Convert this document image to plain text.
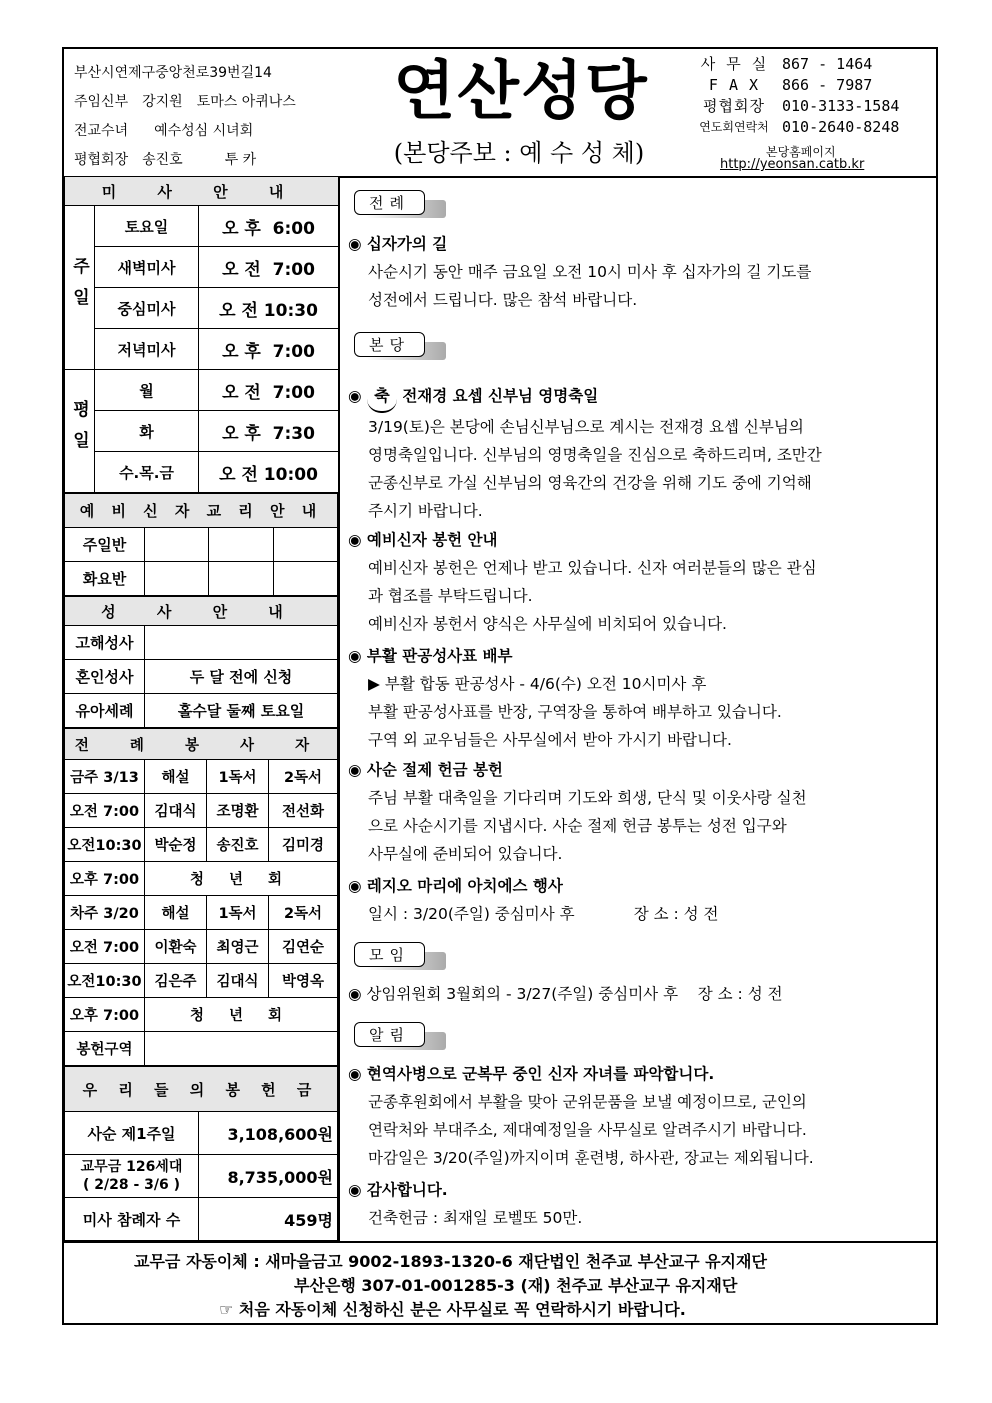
부산시연제구중앙천로39번길14
주임신부 강지원 토마스 아퀴나스
전교수녀 예수성심 시녀회
평협회장 송진호	투 카
연산성당
(본당주보 : 예 수 성 체)
사 무 실 867 - 1464
F A X	866 - 7987
평협회장	010-3133-1584
연도회연락처 010-2640-8248
본당홈페이지
http://yeonsan.catb.kr
미 사 안 내		
주일	토요일	오 후  6:00
	새벽미사	오 전  7:00
	중심미사	오 전 10:30
	저녁미사	오 후  7:00
평일	월	오 전  7:00
	화	오 후  7:30
	수.목.금	오 전 10:00
예 비 신 자 교 리 안 내			
주일반			
화요반			
성 사 안 내	
고해성사	
혼인성사	두 달 전에 신청
유아세례	홀수달 둘째 토요일
전 례 봉 사 자			
금주 3/13	해설	1독서	2독서
오전 7:00	김대식	조명환	전선화
오전10:30	박순정	송진호	김미경
오후 7:00	청 년 회		
차주 3/20	해설	1독서	2독서
오전 7:00	이환숙	최영근	김연순
오전10:30	김은주	김대식	박영옥
오후 7:00	청 년 회		
봉헌구역			
우 리 들 의 봉 헌 금	
사순 제1주일	3,108,600원
교무금 126세대
( 2/28 - 3/6 )	8,735,000원
미사 참례자 수	459명
전례
◉ 십자가의 길

사순시기 동안 매주 금요일 오전 10시 미사 후 십자가의 길 기도를

성전에서 드립니다. 많은 참석 바랍니다.

본당
◉ 축 전재경 요셉 신부님 영명축일

3/19(토)은 본당에 손님신부님으로 계시는 전재경 요셉 신부님의

영명축일입니다. 신부님의 영명축일을 진심으로 축하드리며, 조만간

군종신부로 가실 신부님의 영육간의 건강을 위해 기도 중에 기억해

주시기 바랍니다.

◉ 예비신자 봉헌 안내

예비신자 봉헌은 언제나 받고 있습니다. 신자 여러분들의 많은 관심

과 협조를 부탁드립니다.

예비신자 봉헌서 양식은 사무실에 비치되어 있습니다.

◉ 부활 판공성사표 배부

▶ 부활 합동 판공성사 - 4/6(수) 오전 10시미사 후

부활 판공성사표를 반장, 구역장을 통하여 배부하고 있습니다.

구역 외 교우님들은 사무실에서 받아 가시기 바랍니다.

◉ 사순 절제 헌금 봉헌

주님 부활 대축일을 기다리며 기도와 희생, 단식 및 이웃사랑 실천

으로 사순시기를 지냅시다. 사순 절제 헌금 봉투는 성전 입구와

사무실에 준비되어 있습니다.

◉ 레지오 마리에 아치에스 행사

일시 : 3/20(주일) 중심미사 후            장 소 : 성 전

모임
◉ 상임위원회 3월회의 - 3/27(주일) 중심미사 후    장 소 : 성 전
알림
◉ 현역사병으로 군복무 중인 신자 자녀를 파악합니다.

군종후원회에서 부활을 맞아 군위문품을 보낼 예정이므로, 군인의

연락처와 부대주소, 제대예정일을 사무실로 알려주시기 바랍니다.

마감일은 3/20(주일)까지이며 훈련병, 하사관, 장교는 제외됩니다.

◉ 감사합니다.

건축헌금 : 최재일 로벨또 50만.

교무금 자동이체 : 새마을금고 9002-1893-1320-6 재단법인 천주교 부산교구 유지재단
부산은행 307-01-001285-3 (재) 천주교 부산교구 유지재단
☞ 처음 자동이체 신청하신 분은 사무실로 꼭 연락하시기 바랍니다.
